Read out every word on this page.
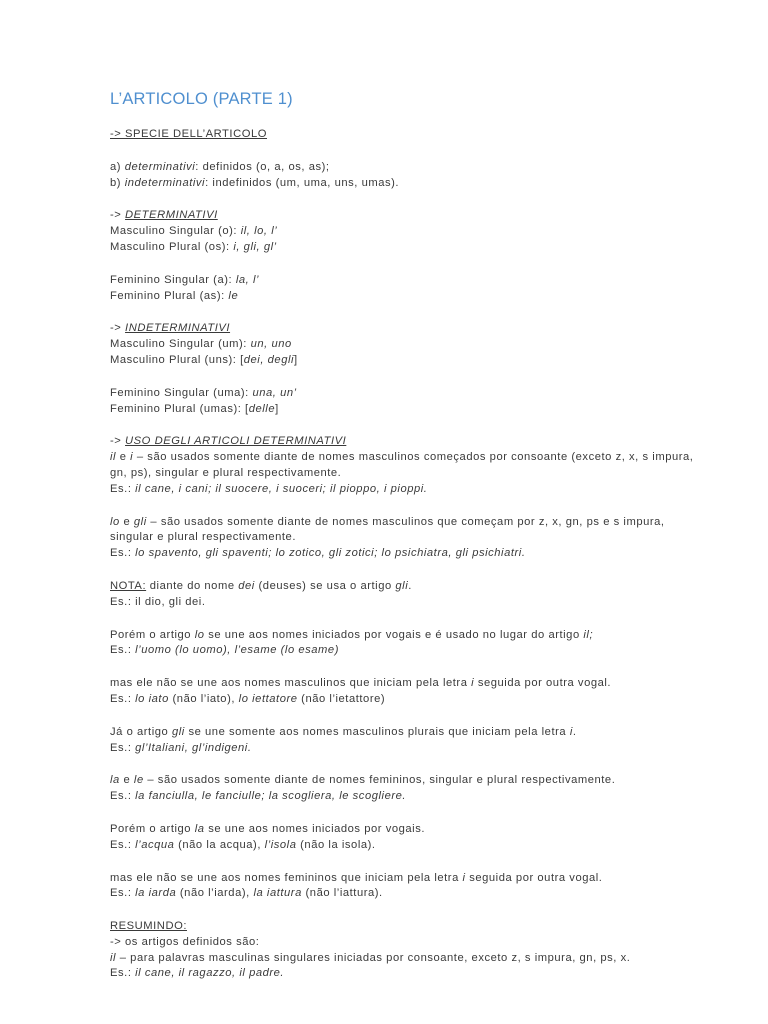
L’ARTICOLO (PARTE 1)

-> SPECIE DELL’ARTICOLO

a) determinativi: definidos (o, a, os, as);
b) indeterminativi: indefinidos (um, uma, uns, umas).

-> DETERMINATIVI
Masculino Singular (o): il, lo, l’
Masculino Plural (os): i, gli, gl’

Feminino Singular (a): la, l’
Feminino Plural (as): le

-> INDETERMINATIVI
Masculino Singular (um): un, uno
Masculino Plural (uns): [dei, degli]

Feminino Singular (uma): una, un’
Feminino Plural (umas): [delle]

-> USO DEGLI ARTICOLI DETERMINATIVI
il e i – são usados somente diante de nomes masculinos começados por consoante (exceto z, x, s impura, gn, ps), singular e plural respectivamente.
Es.: il cane, i cani; il suocere, i suoceri; il pioppo, i pioppi.

lo e gli – são usados somente diante de nomes masculinos que começam por z, x, gn, ps e s impura, singular e plural respectivamente.
Es.: lo spavento, gli spaventi; lo zotico, gli zotici; lo psichiatra, gli psichiatri.

NOTA: diante do nome dei (deuses) se usa o artigo gli.
Es.: il dio, gli dei.

Porém o artigo lo se une aos nomes iniciados por vogais e é usado no lugar do artigo il;
Es.: l’uomo (lo uomo), l’esame (lo esame)

mas ele não se une aos nomes masculinos que iniciam pela letra i seguida por outra vogal.
Es.: lo iato (não l’iato), lo iettatore (não l’ietattore)

Já o artigo gli se une somente aos nomes masculinos plurais que iniciam pela letra i.
Es.: gl’Italiani, gl’indigeni.

la e le – são usados somente diante de nomes femininos, singular e plural respectivamente.
Es.: la fanciulla, le fanciulle; la scogliera, le scogliere.

Porém o artigo la se une aos nomes iniciados por vogais.
Es.: l’acqua (não la acqua), l’isola (não la isola).

mas ele não se une aos nomes femininos que iniciam pela letra i seguida por outra vogal.
Es.: la iarda (não l’iarda), la iattura (não l’iattura).

RESUMINDO:
-> os artigos definidos são:
il – para palavras masculinas singulares iniciadas por consoante, exceto z, s impura, gn, ps, x.
Es.: il cane, il ragazzo, il padre.
